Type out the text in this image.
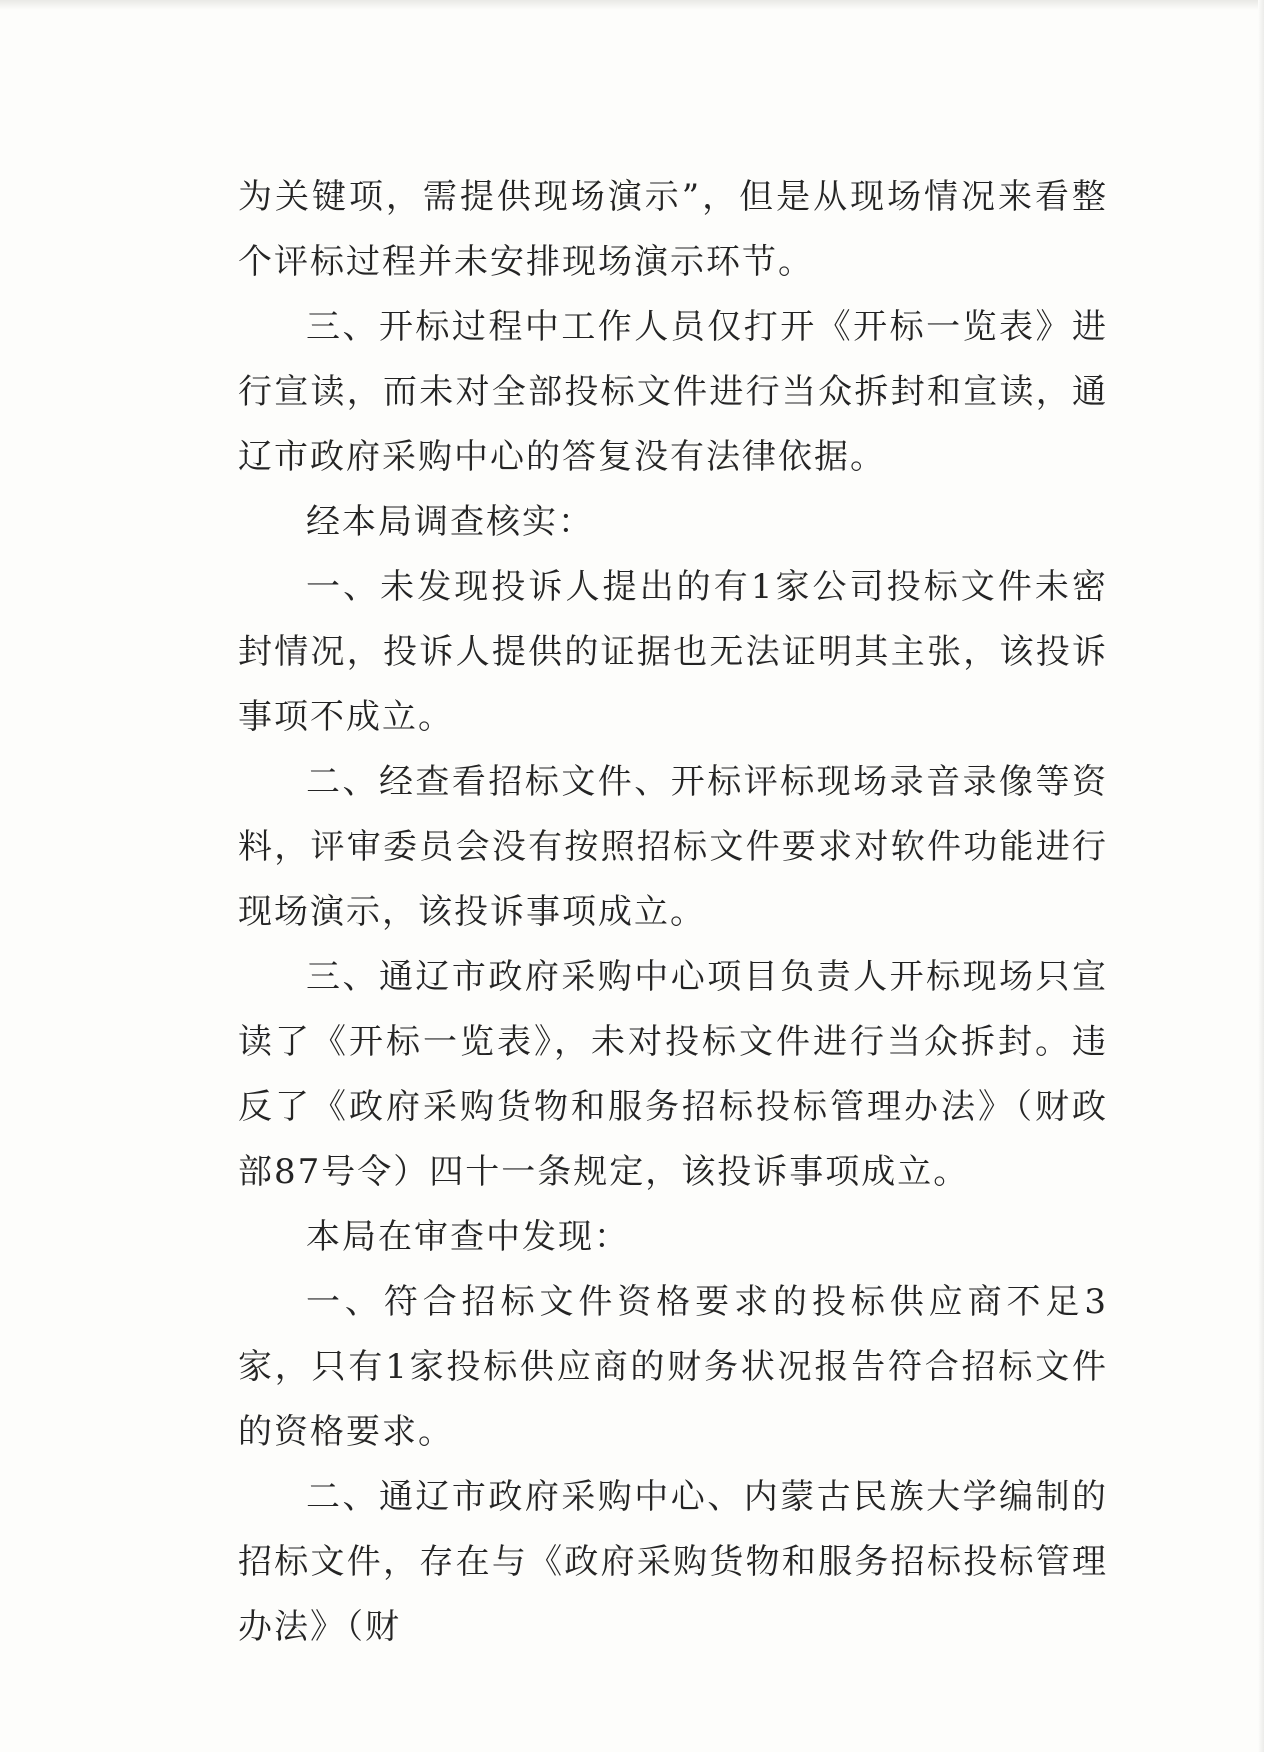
为关键项，需提供现场演示”，但是从现场情况来看整个评标过程并未安排现场演示环节。

三、开标过程中工作人员仅打开《开标一览表》进行宣读，而未对全部投标文件进行当众拆封和宣读，通辽市政府采购中心的答复没有法律依据。

经本局调查核实：

一、未发现投诉人提出的有1家公司投标文件未密封情况，投诉人提供的证据也无法证明其主张，该投诉事项不成立。

二、经查看招标文件、开标评标现场录音录像等资料，评审委员会没有按照招标文件要求对软件功能进行现场演示，该投诉事项成立。

三、通辽市政府采购中心项目负责人开标现场只宣读了《开标一览表》，未对投标文件进行当众拆封。违反了《政府采购货物和服务招标投标管理办法》（财政部87号令）四十一条规定，该投诉事项成立。

本局在审查中发现：

一、符合招标文件资格要求的投标供应商不足3家，只有1家投标供应商的财务状况报告符合招标文件的资格要求。

二、通辽市政府采购中心、内蒙古民族大学编制的招标文件，存在与《政府采购货物和服务招标投标管理办法》（财
